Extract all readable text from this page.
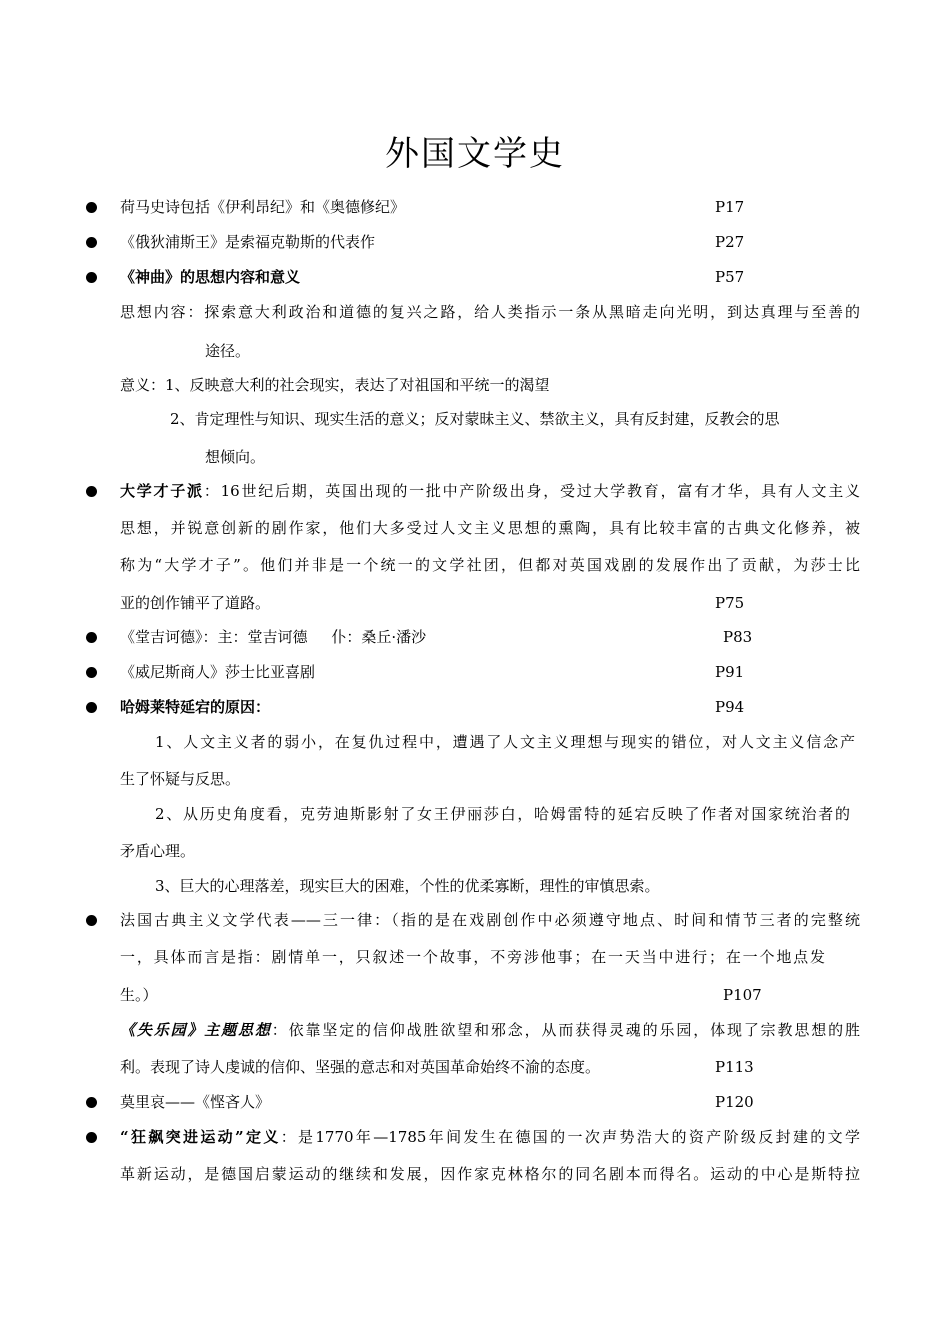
外国文学史
荷马史诗包括《伊利昂纪》和《奥德修纪》	P17
《俄狄浦斯王》是索福克勒斯的代表作	P27
《神曲》的思想内容和意义	P57
思想内容：探索意大利政治和道德的复兴之路，给人类指示一条从黑暗走向光明，到达真理与至善的
途径。
意义：1、反映意大利的社会现实，表达了对祖国和平统一的渴望
2、肯定理性与知识、现实生活的意义；反对蒙昧主义、禁欲主义，具有反封建，反教会的思
想倾向。
大学才子派：16世纪后期，英国出现的一批中产阶级出身，受过大学教育，富有才华，具有人文主义
思想，并锐意创新的剧作家，他们大多受过人文主义思想的熏陶，具有比较丰富的古典文化修养，被
称为“大学才子”。他们并非是一个统一的文学社团，但都对英国戏剧的发展作出了贡献，为莎士比
亚的创作铺平了道路。	P75
《堂吉诃德》：主：堂吉诃德     仆：桑丘·潘沙	P83
《威尼斯商人》莎士比亚喜剧	P91
哈姆莱特延宕的原因：	P94
1、人文主义者的弱小，在复仇过程中，遭遇了人文主义理想与现实的错位，对人文主义信念产
生了怀疑与反思。
2、从历史角度看，克劳迪斯影射了女王伊丽莎白，哈姆雷特的延宕反映了作者对国家统治者的
矛盾心理。
3、巨大的心理落差，现实巨大的困难，个性的优柔寡断，理性的审慎思索。
法国古典主义文学代表——三一律：（指的是在戏剧创作中必须遵守地点、时间和情节三者的完整统
一，具体而言是指：剧情单一，只叙述一个故事，不旁涉他事；在一天当中进行；在一个地点发
生。）	P107
《失乐园》主题思想：依靠坚定的信仰战胜欲望和邪念，从而获得灵魂的乐园，体现了宗教思想的胜
利。表现了诗人虔诚的信仰、坚强的意志和对英国革命始终不渝的态度。	P113
莫里哀——《悭吝人》	P120
“狂飙突进运动”定义：是1770年—1785年间发生在德国的一次声势浩大的资产阶级反封建的文学
革新运动，是德国启蒙运动的继续和发展，因作家克林格尔的同名剧本而得名。运动的中心是斯特拉
